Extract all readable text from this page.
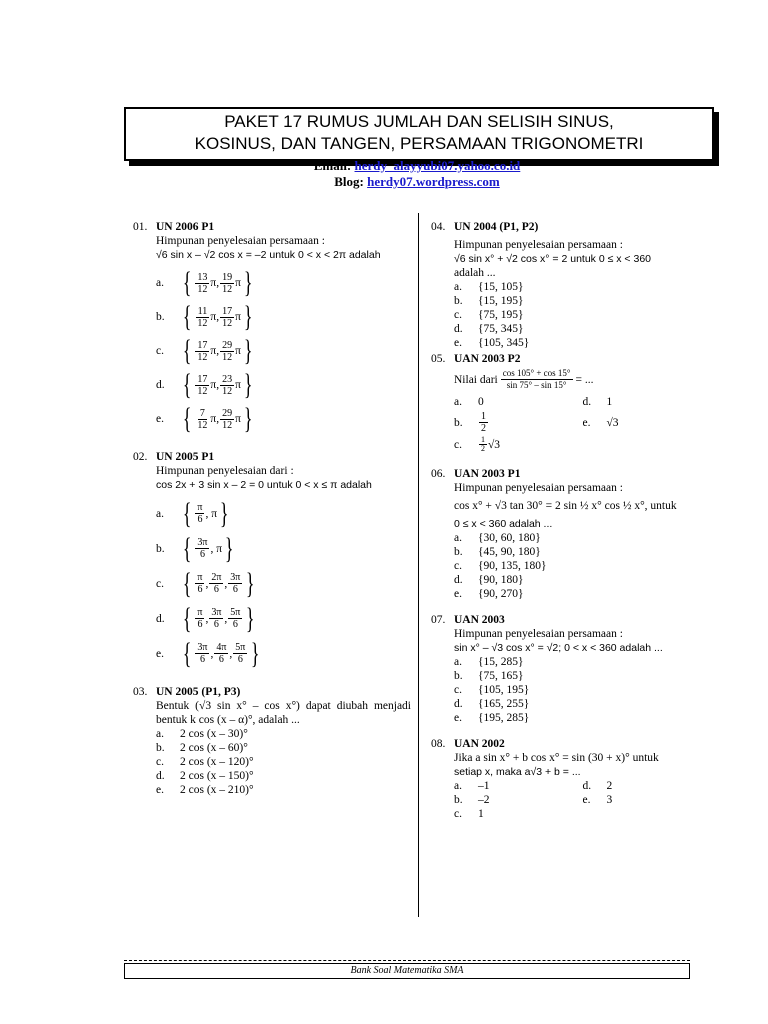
PAKET 17 RUMUS JUMLAH DAN SELISIH SINUS,
KOSINUS, DAN TANGEN, PERSAMAAN TRIGONOMETRI
Email: herdy_alayyubi07.yahoo.co.id
Blog: herdy07.wordpress.com
01. UN 2006 P1
Himpunan penyelesaian persamaan :
√6 sin x – √2 cos x = –2 untuk 0 < x < 2π adalah
a. { $\frac{13}{12} \pi$, $\frac{19}{12}$ π }
b. { $\frac{11}{12} \pi$, $\frac{17}{12}$ π }
c. { $\frac{17}{12} \pi$, $\frac{29}{12}$ π }
d. { $\frac{17}{12} \pi$, $\frac{23}{12}$ π }
e. { $\frac{7}{12} \pi$, $\frac{29}{12}$ π }
02. UN 2005 P1
Himpunan penyelesaian dari :
cos 2x + 3 sin x – 2 = 0 untuk 0 < x ≤ π adalah
a. { $\frac{\pi}{6}$ , π }
b. { $\frac{3\pi}{6}$ , π }
c. { $\frac{\pi}{6}$ , $\frac{2\pi}{6}$ , $\frac{3\pi}{6}$ }
d. { $\frac{\pi}{6}$ , $\frac{3\pi}{6}$ , $\frac{5\pi}{6}$ }
e. { $\frac{3\pi}{6}$ , $\frac{4\pi}{6}$ , $\frac{5\pi}{6}$ }
03. UN 2005 (P1, P3)
Bentuk (√3 sin x° – cos x°) dapat diubah menjadi bentuk k cos (x – α)°, adalah ...
a.	2 cos (x – 30)°
b.	2 cos (x – 60)°
c.	2 cos (x – 120)°
d.	2 cos (x – 150)°
e.	2 cos (x – 210)°
04. UN 2004 (P1, P2)
Himpunan penyelesaian persamaan :
√6 sin x° + √2 cos x° = 2 untuk 0 ≤ x < 360
adalah ...
a.	{15, 105}
b.	{15, 195}
c.	{75, 195}
d.	{75, 345}
e.	{105, 345}
05. UAN 2003 P2
Nilai dari $\frac{\cos 105^\circ + \cos 15^\circ}{\sin 75^\circ - \sin 15^\circ}$ = ...
a.	0	d.	1
b.	$\frac{1}{2}$	e.	√3
c.	$\frac{1}{2} √3$
06. UAN 2003 P1
Himpunan penyelesaian persamaan :
cos x° + √3 tan 30° = 2 sin ½ x° cos ½ x°, untuk
0 ≤ x < 360 adalah ...
a.	{30, 60, 180}
b.	{45, 90, 180}
c.	{90, 135, 180}
d.	{90, 180}
e.	{90, 270}
07. UAN 2003
Himpunan penyelesaian persamaan :
sin x° – √3 cos x° = √2; 0 < x < 360 adalah ...
a.	{15, 285}
b.	{75, 165}
c.	{105, 195}
d.	{165, 255}
e.	{195, 285}
08. UAN 2002
Jika a sin x° + b cos x° = sin (30 + x)° untuk
setiap x, maka a√3 + b = ...
a.	–1	d.	2
b.	–2	e.	3
c.	1
Bank Soal Matematika SMA
